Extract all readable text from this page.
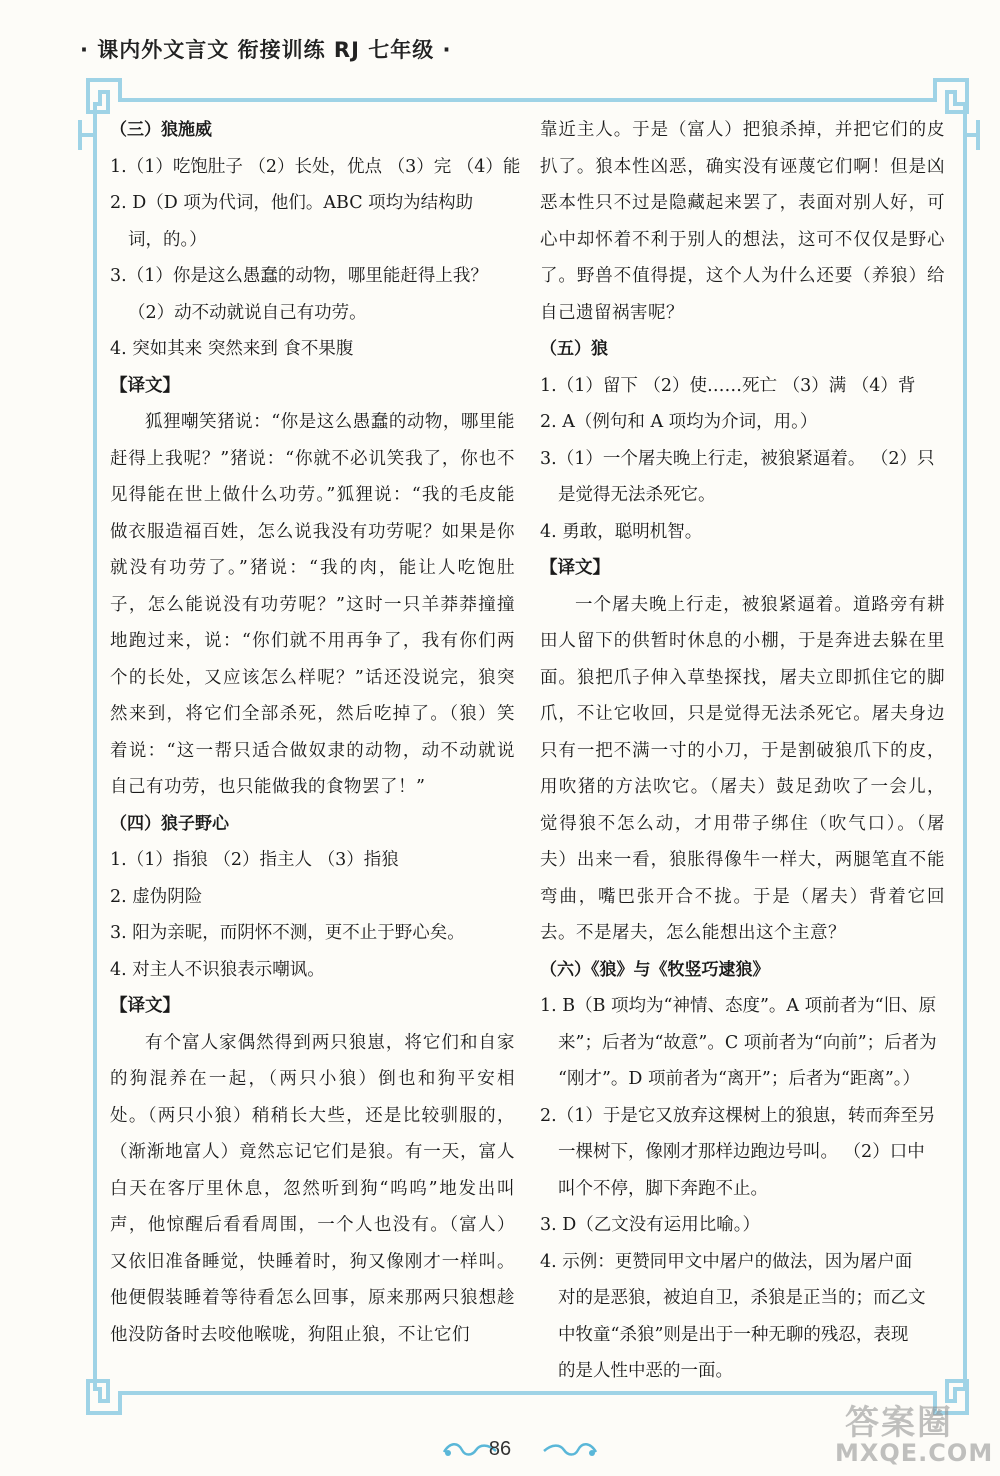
· 课内外文言文 衔接训练 RJ 七年级 ·

（三）狼施威

1.（1）吃饱肚子 （2）长处，优点 （3）完 （4）能

2. D（D 项为代词，他们。ABC 项均为结构助

词，的。）

3.（1）你是这么愚蠢的动物，哪里能赶得上我？

（2）动不动就说自己有功劳。

4. 突如其来 突然来到 食不果腹

【译文】

狐狸嘲笑猪说：“你是这么愚蠢的动物，哪里能赶得上我呢？”猪说：“你就不必讥笑我了，你也不见得能在世上做什么功劳。”狐狸说：“我的毛皮能做衣服造福百姓，怎么说我没有功劳呢？如果是你就没有功劳了。”猪说：“我的肉，能让人吃饱肚子，怎么能说没有功劳呢？”这时一只羊莽莽撞撞地跑过来，说：“你们就不用再争了，我有你们两个的长处，又应该怎么样呢？”话还没说完，狼突然来到，将它们全部杀死，然后吃掉了。（狼）笑着说：“这一帮只适合做奴隶的动物，动不动就说自己有功劳，也只能做我的食物罢了！”

（四）狼子野心

1.（1）指狼 （2）指主人 （3）指狼

2. 虚伪阴险

3. 阳为亲昵，而阴怀不测，更不止于野心矣。

4. 对主人不识狼表示嘲讽。

【译文】

有个富人家偶然得到两只狼崽，将它们和自家的狗混养在一起，（两只小狼）倒也和狗平安相处。（两只小狼）稍稍长大些，还是比较驯服的，（渐渐地富人）竟然忘记它们是狼。有一天，富人白天在客厅里休息，忽然听到狗“呜呜”地发出叫声，他惊醒后看看周围，一个人也没有。（富人）又依旧准备睡觉，快睡着时，狗又像刚才一样叫。他便假装睡着等待看怎么回事，原来那两只狼想趁他没防备时去咬他喉咙，狗阻止狼，不让它们

靠近主人。于是（富人）把狼杀掉，并把它们的皮扒了。狼本性凶恶，确实没有诬蔑它们啊！但是凶恶本性只不过是隐藏起来罢了，表面对别人好，可心中却怀着不利于别人的想法，这可不仅仅是野心了。野兽不值得提，这个人为什么还要（养狼）给自己遗留祸害呢？

（五）狼

1.（1）留下 （2）使……死亡 （3）满 （4）背

2. A（例句和 A 项均为介词，用。）

3.（1）一个屠夫晚上行走，被狼紧逼着。 （2）只

是觉得无法杀死它。

4. 勇敢，聪明机智。

【译文】

一个屠夫晚上行走，被狼紧逼着。道路旁有耕田人留下的供暂时休息的小棚，于是奔进去躲在里面。狼把爪子伸入草垫探找，屠夫立即抓住它的脚爪，不让它收回，只是觉得无法杀死它。屠夫身边只有一把不满一寸的小刀，于是割破狼爪下的皮，用吹猪的方法吹它。（屠夫）鼓足劲吹了一会儿，觉得狼不怎么动，才用带子绑住（吹气口）。（屠夫）出来一看，狼胀得像牛一样大，两腿笔直不能弯曲，嘴巴张开合不拢。于是（屠夫）背着它回去。不是屠夫，怎么能想出这个主意？

（六）《狼》与《牧竖巧逮狼》

1. B（B 项均为“神情、态度”。A 项前者为“旧、原

来”；后者为“故意”。C 项前者为“向前”；后者为

“刚才”。D 项前者为“离开”；后者为“距离”。）

2.（1）于是它又放弃这棵树上的狼崽，转而奔至另

一棵树下，像刚才那样边跑边号叫。 （2）口中

叫个不停，脚下奔跑不止。

3. D（乙文没有运用比喻。）

4. 示例：更赞同甲文中屠户的做法，因为屠户面

对的是恶狼，被迫自卫，杀狼是正当的；而乙文

中牧童“杀狼”则是出于一种无聊的残忍，表现

的是人性中恶的一面。

86
答案圈
MXQE.COM
